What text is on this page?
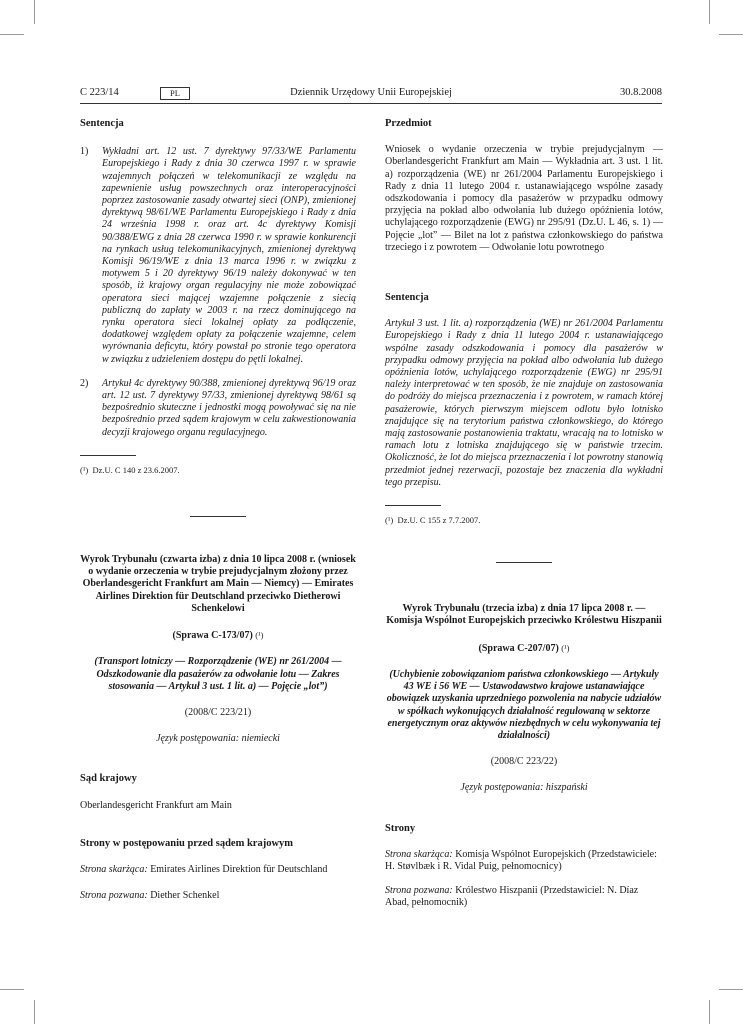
C 223/14	PL	Dziennik Urzędowy Unii Europejskiej	30.8.2008

Sentencja

1) Wykładni art. 12 ust. 7 dyrektywy 97/33/WE Parlamentu Europejskiego i Rady z dnia 30 czerwca 1997 r. w sprawie wzajemnych połączeń w telekomunikacji ze względu na zapewnienie usług powszechnych oraz interoperacyjności poprzez zastosowanie zasady otwartej sieci (ONP), zmienionej dyrektywą 98/61/WE Parlamentu Europejskiego i Rady z dnia 24 września 1998 r. oraz art. 4c dyrektywy Komisji 90/388/EWG z dnia 28 czerwca 1990 r. w sprawie konkurencji na rynkach usług telekomunikacyjnych, zmienionej dyrektywą Komisji 96/19/WE z dnia 13 marca 1996 r. w związku z motywem 5 i 20 dyrektywy 96/19 należy dokonywać w ten sposób, iż krajowy organ regulacyjny nie może zobowiązać operatora sieci mającej wzajemne połączenie z siecią publiczną do zapłaty w 2003 r. na rzecz dominującego na rynku operatora sieci lokalnej opłaty za podłączenie, dodatkowej względem opłaty za połączenie wzajemne, celem wyrównania deficytu, który powstał po stronie tego operatora w związku z udzieleniem dostępu do pętli lokalnej.
2) Artykuł 4c dyrektywy 90/388, zmienionej dyrektywą 96/19 oraz art. 12 ust. 7 dyrektywy 97/33, zmienionej dyrektywą 98/61 są bezpośrednio skuteczne i jednostki mogą powoływać się na nie bezpośrednio przed sądem krajowym w celu zakwestionowania decyzji krajowego organu regulacyjnego.

(¹) Dz.U. C 140 z 23.6.2007.

Wyrok Trybunału (czwarta izba) z dnia 10 lipca 2008 r. (wniosek o wydanie orzeczenia w trybie prejudycjalnym złożony przez Oberlandesgericht Frankfurt am Main — Niemcy) — Emirates Airlines Direktion für Deutschland przeciwko Dietherowi Schenkelowi

(Sprawa C-173/07) (¹)

(Transport lotniczy — Rozporządzenie (WE) nr 261/2004 — Odszkodowanie dla pasażerów za odwołanie lotu — Zakres stosowania — Artykuł 3 ust. 1 lit. a) — Pojęcie „lot”)

(2008/C 223/21)

Język postępowania: niemiecki

Sąd krajowy

Oberlandesgericht Frankfurt am Main

Strony w postępowaniu przed sądem krajowym

Strona skarżąca: Emirates Airlines Direktion für Deutschland

Strona pozwana: Diether Schenkel

Przedmiot

Wniosek o wydanie orzeczenia w trybie prejudycjalnym — Oberlandesgericht Frankfurt am Main — Wykładnia art. 3 ust. 1 lit. a) rozporządzenia (WE) nr 261/2004 Parlamentu Europejskiego i Rady z dnia 11 lutego 2004 r. ustanawiającego wspólne zasady odszkodowania i pomocy dla pasażerów w przypadku odmowy przyjęcia na pokład albo odwołania lub dużego opóźnienia lotów, uchylającego rozporządzenie (EWG) nr 295/91 (Dz.U. L 46, s. 1) — Pojęcie „lot” — Bilet na lot z państwa członkowskiego do państwa trzeciego i z powrotem — Odwołanie lotu powrotnego

Sentencja

Artykuł 3 ust. 1 lit. a) rozporządzenia (WE) nr 261/2004 Parlamentu Europejskiego i Rady z dnia 11 lutego 2004 r. ustanawiającego wspólne zasady odszkodowania i pomocy dla pasażerów w przypadku odmowy przyjęcia na pokład albo odwołania lub dużego opóźnienia lotów, uchylającego rozporządzenie (EWG) nr 295/91 należy interpretować w ten sposób, że nie znajduje on zastosowania do podróży do miejsca przeznaczenia i z powrotem, w ramach której pasażerowie, których pierwszym miejscem odlotu było lotnisko znajdujące się na terytorium państwa członkowskiego, do którego mają zastosowanie postanowienia traktatu, wracają na to lotnisko w ramach lotu z lotniska znajdującego się w państwie trzecim. Okoliczność, że lot do miejsca przeznaczenia i lot powrotny stanowią przedmiot jednej rezerwacji, pozostaje bez znaczenia dla wykładni tego przepisu.

(¹) Dz.U. C 155 z 7.7.2007.

Wyrok Trybunału (trzecia izba) z dnia 17 lipca 2008 r. — Komisja Wspólnot Europejskich przeciwko Królestwu Hiszpanii

(Sprawa C-207/07) (¹)

(Uchybienie zobowiązaniom państwa członkowskiego — Artykuły 43 WE i 56 WE — Ustawodawstwo krajowe ustanawiające obowiązek uzyskania uprzedniego pozwolenia na nabycie udziałów w spółkach wykonujących działalność regulowaną w sektorze energetycznym oraz aktywów niezbędnych w celu wykonywania tej działalności)

(2008/C 223/22)

Język postępowania: hiszpański

Strony

Strona skarżąca: Komisja Wspólnot Europejskich (Przedstawiciele: H. Støvlbæk i R. Vidal Puig, pełnomocnicy)

Strona pozwana: Królestwo Hiszpanii (Przedstawiciel: N. Díaz Abad, pełnomocnik)
